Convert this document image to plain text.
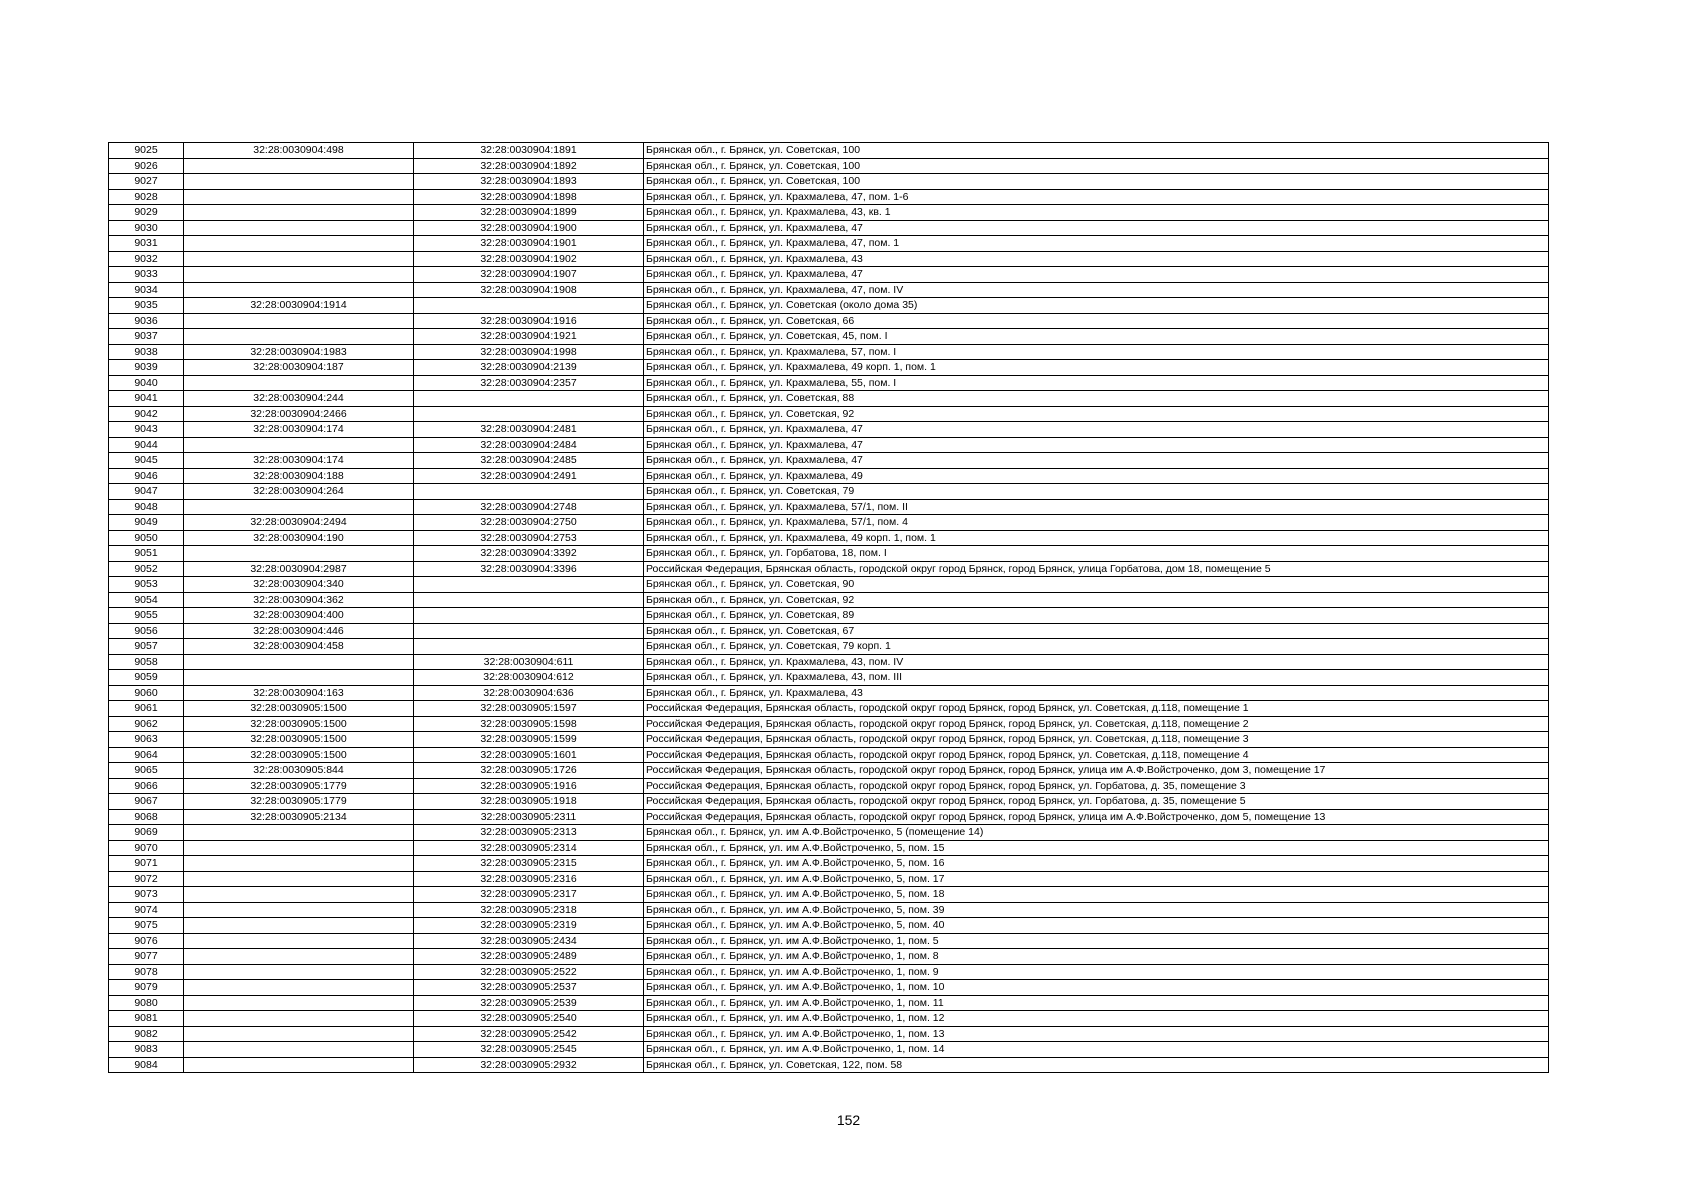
9025	32:28:0030904:498	32:28:0030904:1891	Брянская обл., г. Брянск, ул. Советская, 100
9026		32:28:0030904:1892	Брянская обл., г. Брянск, ул. Советская, 100
9027		32:28:0030904:1893	Брянская обл., г. Брянск, ул. Советская, 100
9028		32:28:0030904:1898	Брянская обл., г. Брянск, ул. Крахмалева, 47, пом. 1-6
9029		32:28:0030904:1899	Брянская обл., г. Брянск, ул. Крахмалева, 43, кв. 1
9030		32:28:0030904:1900	Брянская обл., г. Брянск, ул. Крахмалева, 47
9031		32:28:0030904:1901	Брянская обл., г. Брянск, ул. Крахмалева, 47, пом. 1
9032		32:28:0030904:1902	Брянская обл., г. Брянск, ул. Крахмалева, 43
9033		32:28:0030904:1907	Брянская обл., г. Брянск, ул. Крахмалева, 47
9034		32:28:0030904:1908	Брянская обл., г. Брянск, ул. Крахмалева, 47, пом. IV
9035	32:28:0030904:1914		Брянская обл., г. Брянск, ул. Советская (около дома 35)
9036		32:28:0030904:1916	Брянская обл., г. Брянск, ул. Советская, 66
9037		32:28:0030904:1921	Брянская обл., г. Брянск, ул. Советская, 45, пом. I
9038	32:28:0030904:1983	32:28:0030904:1998	Брянская обл., г. Брянск, ул. Крахмалева, 57, пом. I
9039	32:28:0030904:187	32:28:0030904:2139	Брянская обл., г. Брянск, ул. Крахмалева, 49 корп. 1, пом. 1
9040		32:28:0030904:2357	Брянская обл., г. Брянск, ул. Крахмалева, 55, пом. I
9041	32:28:0030904:244		Брянская обл., г. Брянск, ул. Советская, 88
9042	32:28:0030904:2466		Брянская обл., г. Брянск, ул. Советская, 92
9043	32:28:0030904:174	32:28:0030904:2481	Брянская обл., г. Брянск, ул. Крахмалева, 47
9044		32:28:0030904:2484	Брянская обл., г. Брянск, ул. Крахмалева, 47
9045	32:28:0030904:174	32:28:0030904:2485	Брянская обл., г. Брянск, ул. Крахмалева, 47
9046	32:28:0030904:188	32:28:0030904:2491	Брянская обл., г. Брянск, ул. Крахмалева, 49
9047	32:28:0030904:264		Брянская обл., г. Брянск, ул. Советская, 79
9048		32:28:0030904:2748	Брянская обл., г. Брянск, ул. Крахмалева, 57/1, пом. II
9049	32:28:0030904:2494	32:28:0030904:2750	Брянская обл., г. Брянск, ул. Крахмалева, 57/1, пом. 4
9050	32:28:0030904:190	32:28:0030904:2753	Брянская обл., г. Брянск, ул. Крахмалева, 49 корп. 1, пом. 1
9051		32:28:0030904:3392	Брянская обл., г. Брянск, ул. Горбатова, 18, пом. I
9052	32:28:0030904:2987	32:28:0030904:3396	Российская Федерация, Брянская область, городской округ город Брянск, город Брянск, улица Горбатова, дом 18, помещение 5
9053	32:28:0030904:340		Брянская обл., г. Брянск, ул. Советская, 90
9054	32:28:0030904:362		Брянская обл., г. Брянск, ул. Советская, 92
9055	32:28:0030904:400		Брянская обл., г. Брянск, ул. Советская, 89
9056	32:28:0030904:446		Брянская обл., г. Брянск, ул. Советская, 67
9057	32:28:0030904:458		Брянская обл., г. Брянск, ул. Советская, 79 корп. 1
9058		32:28:0030904:611	Брянская обл., г. Брянск, ул. Крахмалева, 43, пом. IV
9059		32:28:0030904:612	Брянская обл., г. Брянск, ул. Крахмалева, 43, пом. III
9060	32:28:0030904:163	32:28:0030904:636	Брянская обл., г. Брянск, ул. Крахмалева, 43
9061	32:28:0030905:1500	32:28:0030905:1597	Российская Федерация, Брянская область, городской округ город Брянск, город Брянск, ул. Советская, д.118, помещение 1
9062	32:28:0030905:1500	32:28:0030905:1598	Российская Федерация, Брянская область, городской округ город Брянск, город Брянск, ул. Советская, д.118, помещение 2
9063	32:28:0030905:1500	32:28:0030905:1599	Российская Федерация, Брянская область, городской округ город Брянск, город Брянск, ул. Советская, д.118, помещение 3
9064	32:28:0030905:1500	32:28:0030905:1601	Российская Федерация, Брянская область, городской округ город Брянск, город Брянск, ул. Советская, д.118, помещение 4
9065	32:28:0030905:844	32:28:0030905:1726	Российская Федерация, Брянская область, городской округ город Брянск, город Брянск, улица им А.Ф.Войстроченко, дом 3, помещение 17
9066	32:28:0030905:1779	32:28:0030905:1916	Российская Федерация, Брянская область, городской округ город Брянск, город Брянск, ул. Горбатова, д. 35, помещение 3
9067	32:28:0030905:1779	32:28:0030905:1918	Российская Федерация, Брянская область, городской округ город Брянск, город Брянск, ул. Горбатова, д. 35, помещение 5
9068	32:28:0030905:2134	32:28:0030905:2311	Российская Федерация, Брянская область, городской округ город Брянск, город Брянск, улица им А.Ф.Войстроченко, дом 5, помещение 13
9069		32:28:0030905:2313	Брянская обл., г. Брянск, ул. им А.Ф.Войстроченко, 5 (помещение 14)
9070		32:28:0030905:2314	Брянская обл., г. Брянск, ул. им А.Ф.Войстроченко, 5, пом. 15
9071		32:28:0030905:2315	Брянская обл., г. Брянск, ул. им А.Ф.Войстроченко, 5, пом. 16
9072		32:28:0030905:2316	Брянская обл., г. Брянск, ул. им А.Ф.Войстроченко, 5, пом. 17
9073		32:28:0030905:2317	Брянская обл., г. Брянск, ул. им А.Ф.Войстроченко, 5, пом. 18
9074		32:28:0030905:2318	Брянская обл., г. Брянск, ул. им А.Ф.Войстроченко, 5, пом. 39
9075		32:28:0030905:2319	Брянская обл., г. Брянск, ул. им А.Ф.Войстроченко, 5, пом. 40
9076		32:28:0030905:2434	Брянская обл., г. Брянск, ул. им А.Ф.Войстроченко, 1, пом. 5
9077		32:28:0030905:2489	Брянская обл., г. Брянск, ул. им А.Ф.Войстроченко, 1, пом. 8
9078		32:28:0030905:2522	Брянская обл., г. Брянск, ул. им А.Ф.Войстроченко, 1, пом. 9
9079		32:28:0030905:2537	Брянская обл., г. Брянск, ул. им А.Ф.Войстроченко, 1, пом. 10
9080		32:28:0030905:2539	Брянская обл., г. Брянск, ул. им А.Ф.Войстроченко, 1, пом. 11
9081		32:28:0030905:2540	Брянская обл., г. Брянск, ул. им А.Ф.Войстроченко, 1, пом. 12
9082		32:28:0030905:2542	Брянская обл., г. Брянск, ул. им А.Ф.Войстроченко, 1, пом. 13
9083		32:28:0030905:2545	Брянская обл., г. Брянск, ул. им А.Ф.Войстроченко, 1, пом. 14
9084		32:28:0030905:2932	Брянская обл., г. Брянск, ул. Советская, 122, пом. 58
152
